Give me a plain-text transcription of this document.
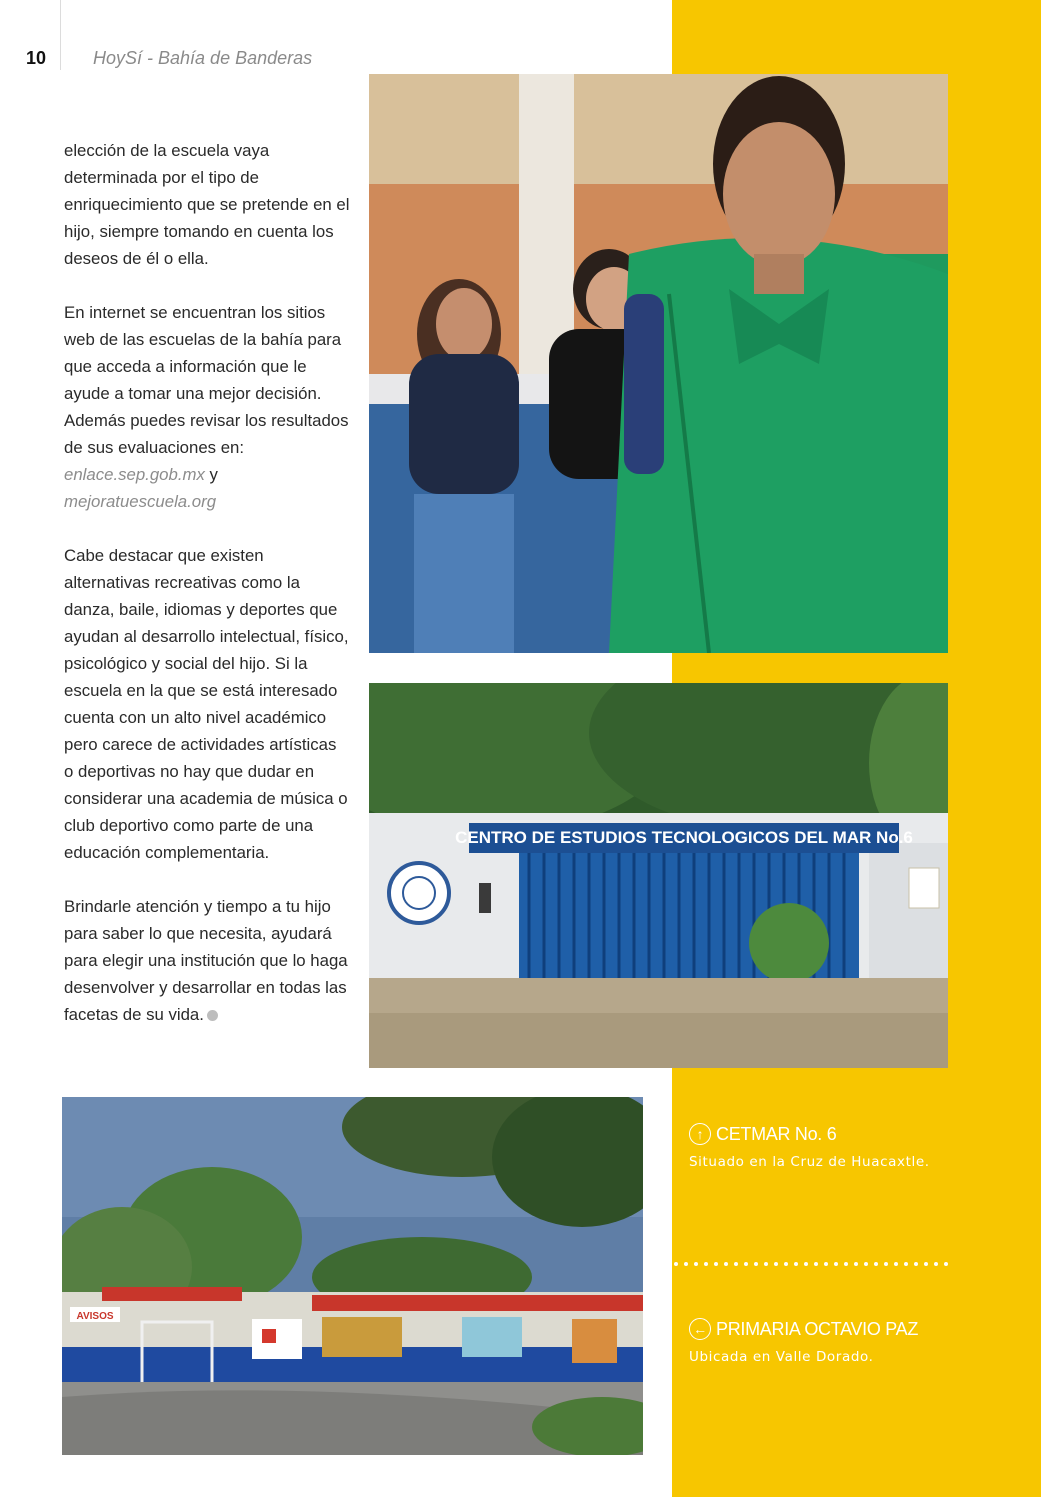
10	HoySí - Bahía de Banderas

elección de la escuela vaya determinada por el tipo de enriquecimiento que se pretende en el hijo, siempre tomando en cuenta los deseos de él o ella.

En internet se encuentran los sitios web de las escuelas de la bahía para que acceda a información que le ayude a tomar una mejor decisión. Además puedes revisar los resultados de sus evaluaciones en: enlace.sep.gob.mx y mejoratuescuela.org

Cabe destacar que existen alternativas recreativas como la danza, baile, idiomas y deportes que ayudan al desarrollo intelectual, físico, psicológico y social del hijo. Si la escuela en la que se está interesado cuenta con un alto nivel académico pero carece de actividades artísticas o deportivas no hay que dudar en considerar una academia de música o club deportivo como parte de una educación complementaria.

Brindarle atención y tiempo a tu hijo para saber lo que necesita, ayudará para elegir una institución que lo haga desenvolver y desarrollar en todas las facetas de su vida.

CENTRO DE ESTUDIOS TECNOLOGICOS DEL MAR No.6
AVISOS
↑ CETMAR No. 6
Situado en la Cruz de Huacaxtle.
← PRIMARIA OCTAVIO PAZ
Ubicada en Valle Dorado.
